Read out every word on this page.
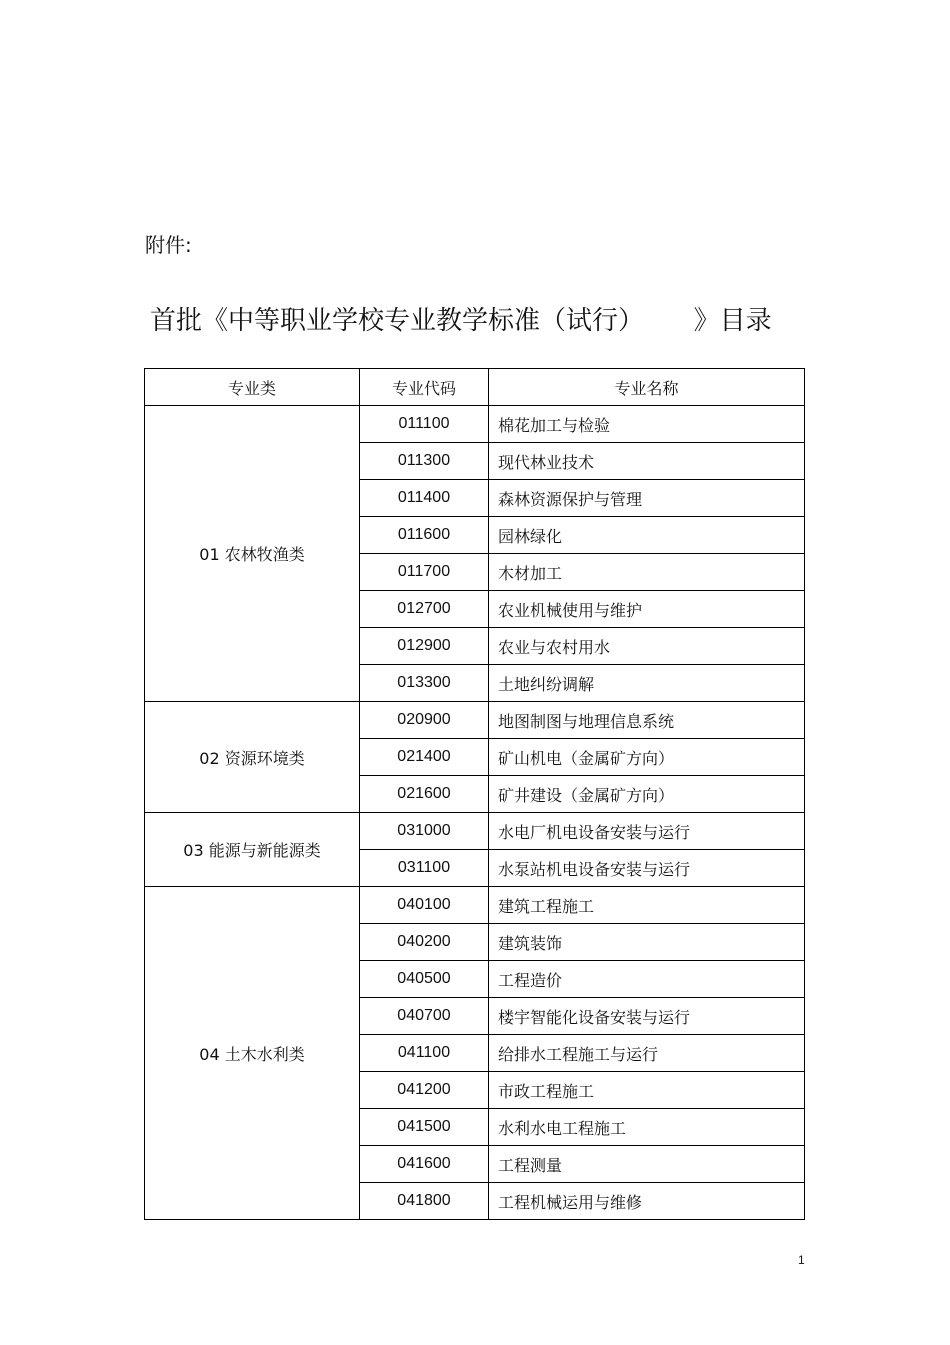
附件:
首批《中等职业学校专业教学标准（试行）      》目录
专业类	专业代码	专业名称
01 农林牧渔类	011100	棉花加工与检验
	011300	现代林业技术
	011400	森林资源保护与管理
	011600	园林绿化
	011700	木材加工
	012700	农业机械使用与维护
	012900	农业与农村用水
	013300	土地纠纷调解
02 资源环境类	020900	地图制图与地理信息系统
	021400	矿山机电（金属矿方向）
	021600	矿井建设（金属矿方向）
03 能源与新能源类	031000	水电厂机电设备安装与运行
	031100	水泵站机电设备安装与运行
04 土木水利类	040100	建筑工程施工
	040200	建筑装饰
	040500	工程造价
	040700	楼宇智能化设备安装与运行
	041100	给排水工程施工与运行
	041200	市政工程施工
	041500	水利水电工程施工
	041600	工程测量
	041800	工程机械运用与维修
1
